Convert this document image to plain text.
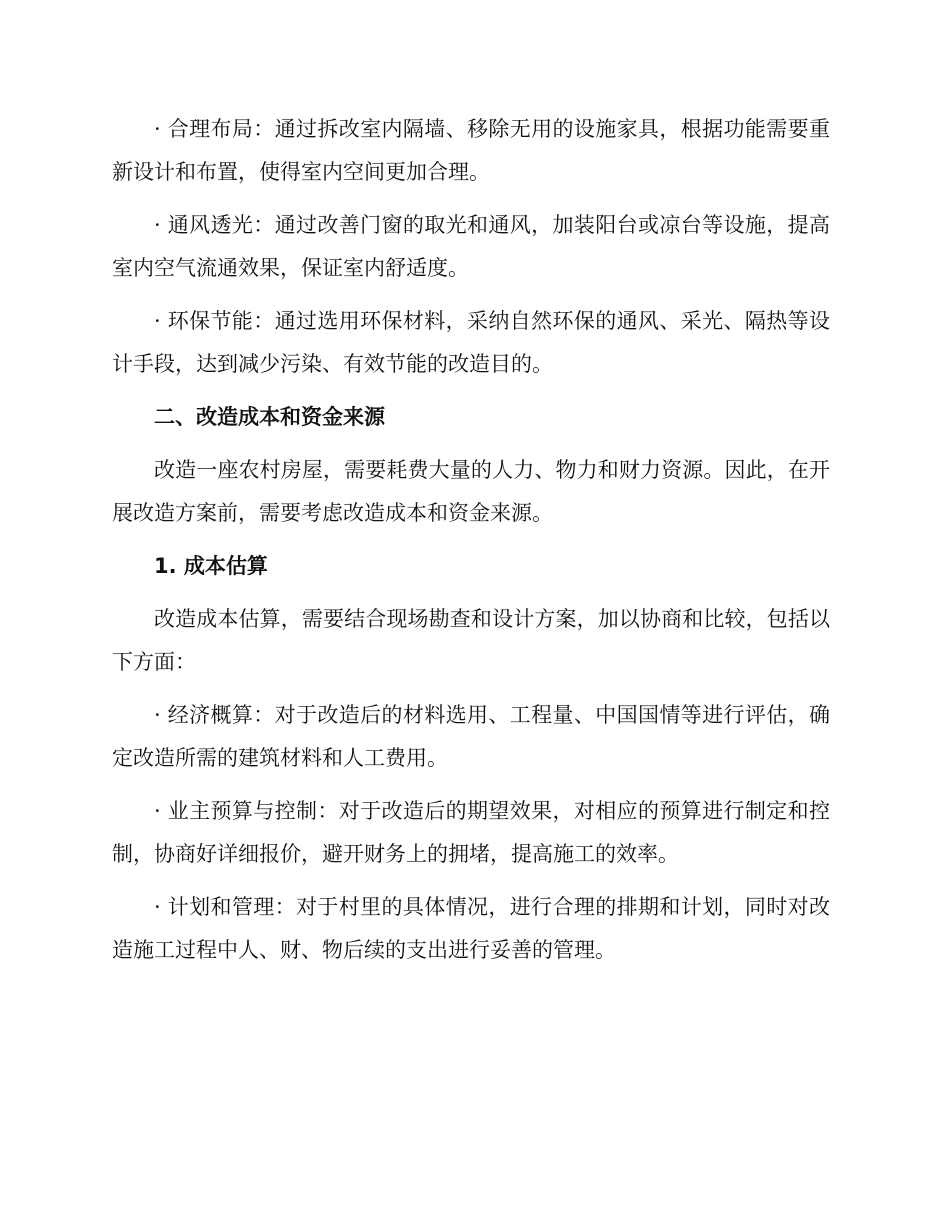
· 合理布局：通过拆改室内隔墙、移除无用的设施家具，根据功能需要重新设计和布置，使得室内空间更加合理。

· 通风透光：通过改善门窗的取光和通风，加装阳台或凉台等设施，提高室内空气流通效果，保证室内舒适度。

· 环保节能：通过选用环保材料，采纳自然环保的通风、采光、隔热等设计手段，达到减少污染、有效节能的改造目的。

二、改造成本和资金来源

改造一座农村房屋，需要耗费大量的人力、物力和财力资源。因此，在开展改造方案前，需要考虑改造成本和资金来源。

1. 成本估算

改造成本估算，需要结合现场勘查和设计方案，加以协商和比较，包括以下方面：

· 经济概算：对于改造后的材料选用、工程量、中国国情等进行评估，确定改造所需的建筑材料和人工费用。

· 业主预算与控制：对于改造后的期望效果，对相应的预算进行制定和控制，协商好详细报价，避开财务上的拥堵，提高施工的效率。

· 计划和管理：对于村里的具体情况，进行合理的排期和计划，同时对改造施工过程中人、财、物后续的支出进行妥善的管理。
